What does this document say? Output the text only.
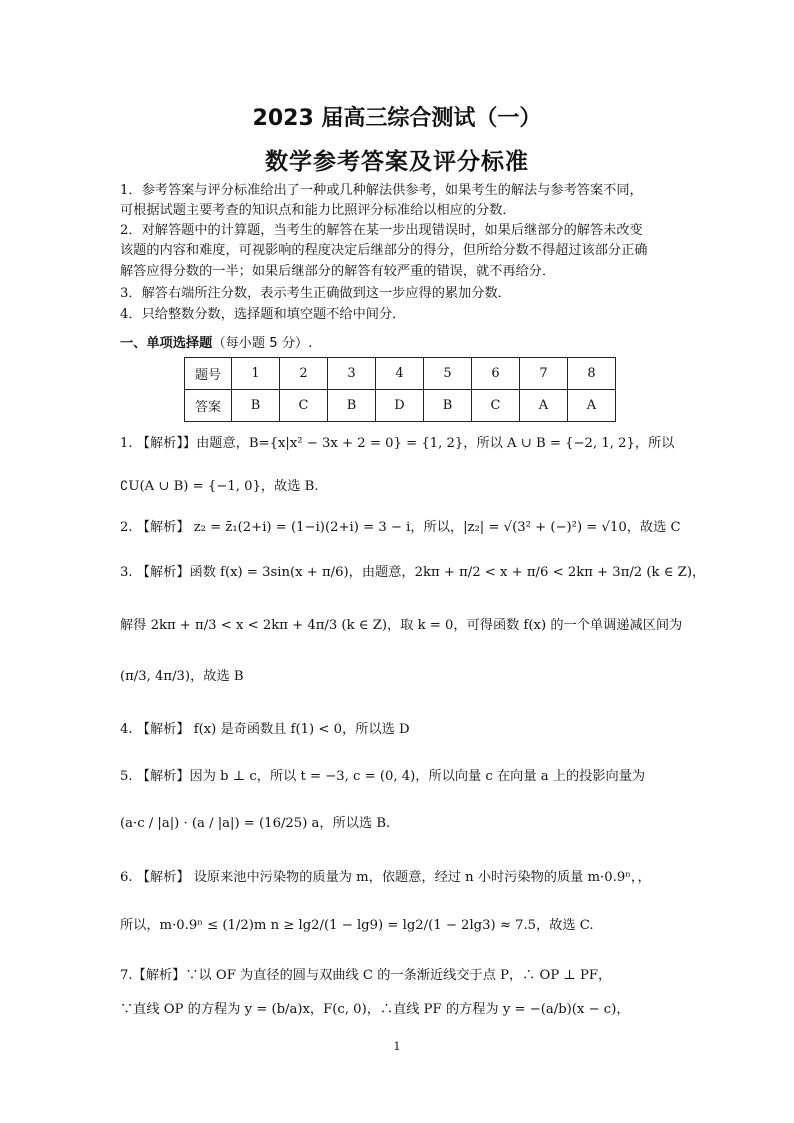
2023 届高三综合测试（一）
数学参考答案及评分标准
1．参考答案与评分标准给出了一种或几种解法供参考，如果考生的解法与参考答案不同，
可根据试题主要考查的知识点和能力比照评分标准给以相应的分数．
2．对解答题中的计算题，当考生的解答在某一步出现错误时，如果后继部分的解答未改变
该题的内容和难度，可视影响的程度决定后继部分的得分，但所给分数不得超过该部分正确
解答应得分数的一半；如果后继部分的解答有较严重的错误，就不再给分．
3．解答右端所注分数，表示考生正确做到这一步应得的累加分数．
4．只给整数分数，选择题和填空题不给中间分．
一、单项选择题（每小题 5 分）.
题号	1	2	3	4	5	6	7	8
答案	B	C	B	D	B	C	A	A
1. 【解析】】由题意，B={x|x² − 3x + 2 = 0} = {1, 2}，所以 A ∪ B = {−2, 1, 2}，所以
∁U(A ∪ B) = {−1, 0}，故选 B.
2. 【解析】 z₂ = z̄₁(2+i) = (1−i)(2+i) = 3 − i，所以，|z₂| = √(3² + (−)²) = √10，故选 C
3. 【解析】函数 f(x) = 3sin(x + π/6)，由题意，2kπ + π/2 < x + π/6 < 2kπ + 3π/2 (k ∈ Z)，
解得 2kπ + π/3 < x < 2kπ + 4π/3 (k ∈ Z)，取 k = 0，可得函数 f(x) 的一个单调递减区间为
(π/3, 4π/3)，故选 B
4. 【解析】 f(x) 是奇函数且 f(1) < 0，所以选 D
5. 【解析】因为 b ⊥ c，所以 t = −3, c = (0, 4)，所以向量 c 在向量 a 上的投影向量为
(a·c / |a|) · (a / |a|) = (16/25) a，所以选 B.
6. 【解析】 设原来池中污染物的质量为 m，依题意，经过 n 小时污染物的质量 m·0.9ⁿ，，
所以，m·0.9ⁿ ≤ (1/2)m n ≥ lg2/(1 − lg9) = lg2/(1 − 2lg3) ≈ 7.5，故选 C.
7.【解析】∵以 OF 为直径的圆与双曲线 C 的一条渐近线交于点 P，∴ OP ⊥ PF，
∵直线 OP 的方程为 y = (b/a)x，F(c, 0)，∴直线 PF 的方程为 y = −(a/b)(x − c)，
1
